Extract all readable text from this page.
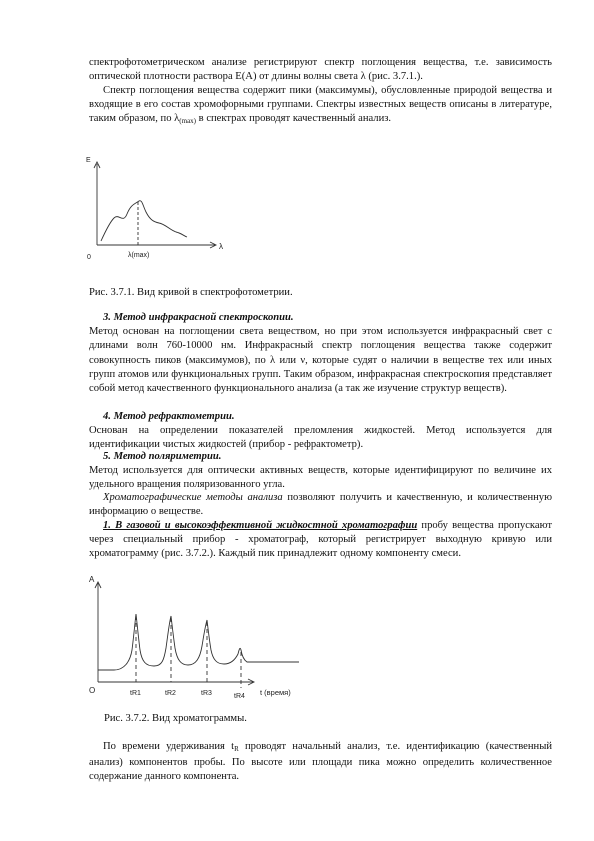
спектрофотометрическом анализе регистрируют спектр поглощения вещества, т.е. зависимость оптической плотности раствора E(A) от длины волны света λ (рис. 3.7.1.).

Спектр поглощения вещества содержит пики (максимумы), обусловленные природой вещества и входящие в его состав хромофорными группами. Спектры известных веществ описаны в литературе, таким образом, по $\lambda_{(max)}$ в спектрах проводят качественный анализ.

E
λ
0	λ(max)
Рис. 3.7.1. Вид кривой в спектрофотометрии.

3. Метод инфракрасной спектроскопии.
Метод основан на поглощении света веществом, но при этом используется инфракрасный свет с длинами волн 760-10000 нм. Инфракрасный спектр поглощения вещества также содержит совокупность пиков (максимумов), по λ или ν, которые судят о наличии в веществе тех или иных групп атомов или функциональных групп. Таким образом, инфракрасная спектроскопия представляет собой метод качественного функционального анализа (а так же изучение структур веществ).

4. Метод рефрактометрии.
Основан на определении показателей преломления жидкостей. Метод используется для идентификации чистых жидкостей (прибор - рефрактометр).

5. Метод поляриметрии.
Метод используется для оптически активных веществ, которые идентифицируют по величине их удельного вращения поляризованного угла.

Хроматографические методы анализа позволяют получить и качественную, и количественную информацию о веществе.

1. В газовой и высокоэффективной жидкостной хроматографии пробу вещества пропускают через специальный прибор - хроматограф, который регистрирует выходную кривую или хроматограмму (рис. 3.7.2.). Каждый пик принадлежит одному компоненту смеси.

A
O	tR1	tR2	tR3	tR4 t (время)
Рис. 3.7.2. Вид хроматограммы.

По времени удерживания $t_R$ проводят начальный анализ, т.е. идентификацию (качественный анализ) компонентов пробы. По высоте или площади пика можно определить количественное содержание данного компонента.
